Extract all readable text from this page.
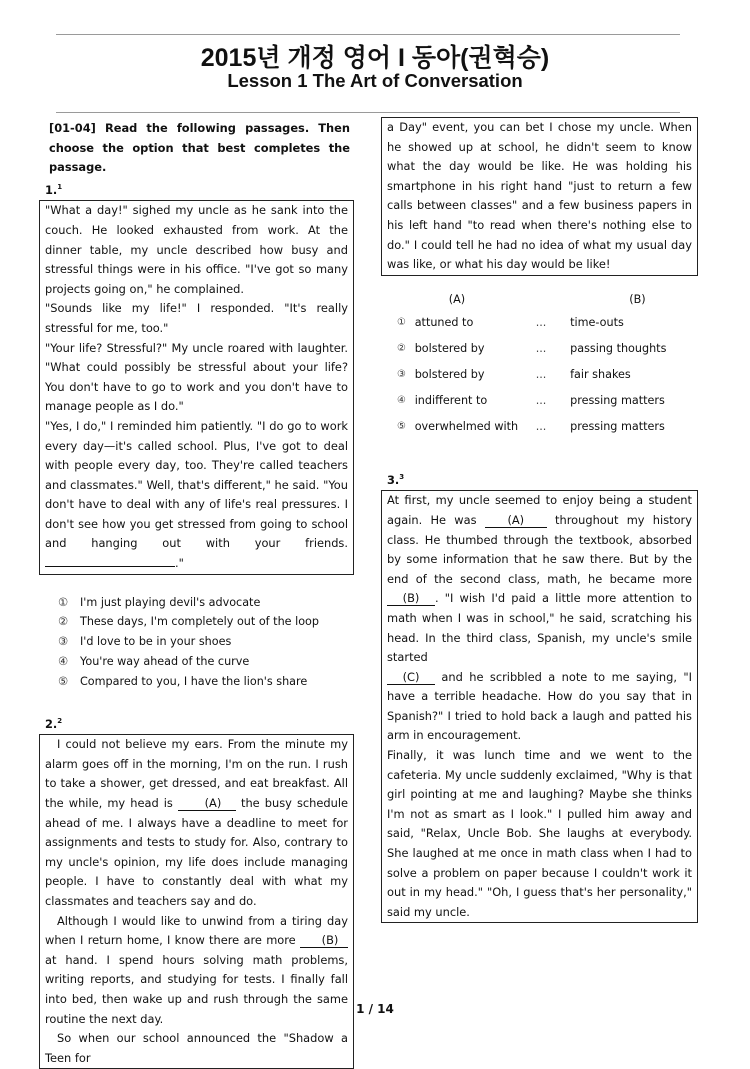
2015년 개정 영어 I 동아(권혁승)
Lesson 1 The Art of Conversation
[01-04] Read the following passages. Then choose the option that best completes the passage.
1.$^1$

"What a day!" sighed my uncle as he sank into the couch. He looked exhausted from work. At the dinner table, my uncle described how busy and stressful things were in his office. "I've got so many projects going on," he complained.

"Sounds like my life!" I responded. "It's really stressful for me, too."

"Your life? Stressful?" My uncle roared with laughter. "What could possibly be stressful about your life? You don't have to go to work and you don't have to manage people as I do."

"Yes, I do," I reminded him patiently. "I do go to work every day—it's called school. Plus, I've got to deal with people every day, too. They're called teachers and classmates." Well, that's different," he said. "You don't have to deal with any of life's real pressures. I don't see how you get stressed from going to school and hanging out with your friends. ."

①	I'm just playing devil's advocate
②	These days, I'm completely out of the loop
③	I'd love to be in your shoes
④	You're way ahead of the curve
⑤	Compared to you, I have the lion's share
2.$^2$

I could not believe my ears. From the minute my alarm goes off in the morning, I'm on the run. I rush to take a shower, get dressed, and eat breakfast. All the while, my head is (A) the busy schedule ahead of me. I always have a deadline to meet for assignments and tests to study for. Also, contrary to my uncle's opinion, my life does include managing people. I have to constantly deal with what my classmates and teachers say and do.

Although I would like to unwind from a tiring day when I return home, I know there are more (B) at hand. I spend hours solving math problems, writing reports, and studying for tests. I finally fall into bed, then wake up and rush through the same routine the next day.

So when our school announced the "Shadow a Teen for

a Day" event, you can bet I chose my uncle. When he showed up at school, he didn't seem to know what the day would be like. He was holding his smartphone in his right hand "just to return a few calls between classes" and a few business papers in his left hand "to read when there's nothing else to do." I could tell he had no idea of what my usual day was like, or what his day would be like!

(A)	(B)
① attuned to	...	time-outs
② bolstered by	...	passing thoughts
③ bolstered by	...	fair shakes
④ indifferent to	...	pressing matters
⑤ overwhelmed with	...	pressing matters
3.$^3$

At first, my uncle seemed to enjoy being a student again. He was (A) throughout my history class. He thumbed through the textbook, absorbed by some information that he saw there. But by the end of the second class, math, he became more (B) . "I wish I'd paid a little more attention to math when I was in school," he said, scratching his head. In the third class, Spanish, my uncle's smile started
(C) and he scribbled a note to me saying, "I have a terrible headache. How do you say that in Spanish?" I tried to hold back a laugh and patted his arm in encouragement.

Finally, it was lunch time and we went to the cafeteria. My uncle suddenly exclaimed, "Why is that girl pointing at me and laughing? Maybe she thinks I'm not as smart as I look." I pulled him away and said, "Relax, Uncle Bob. She laughs at everybody. She laughed at me once in math class when I had to solve a problem on paper because I couldn't work it out in my head." "Oh, I guess that's her personality," said my uncle.

1 / 14
